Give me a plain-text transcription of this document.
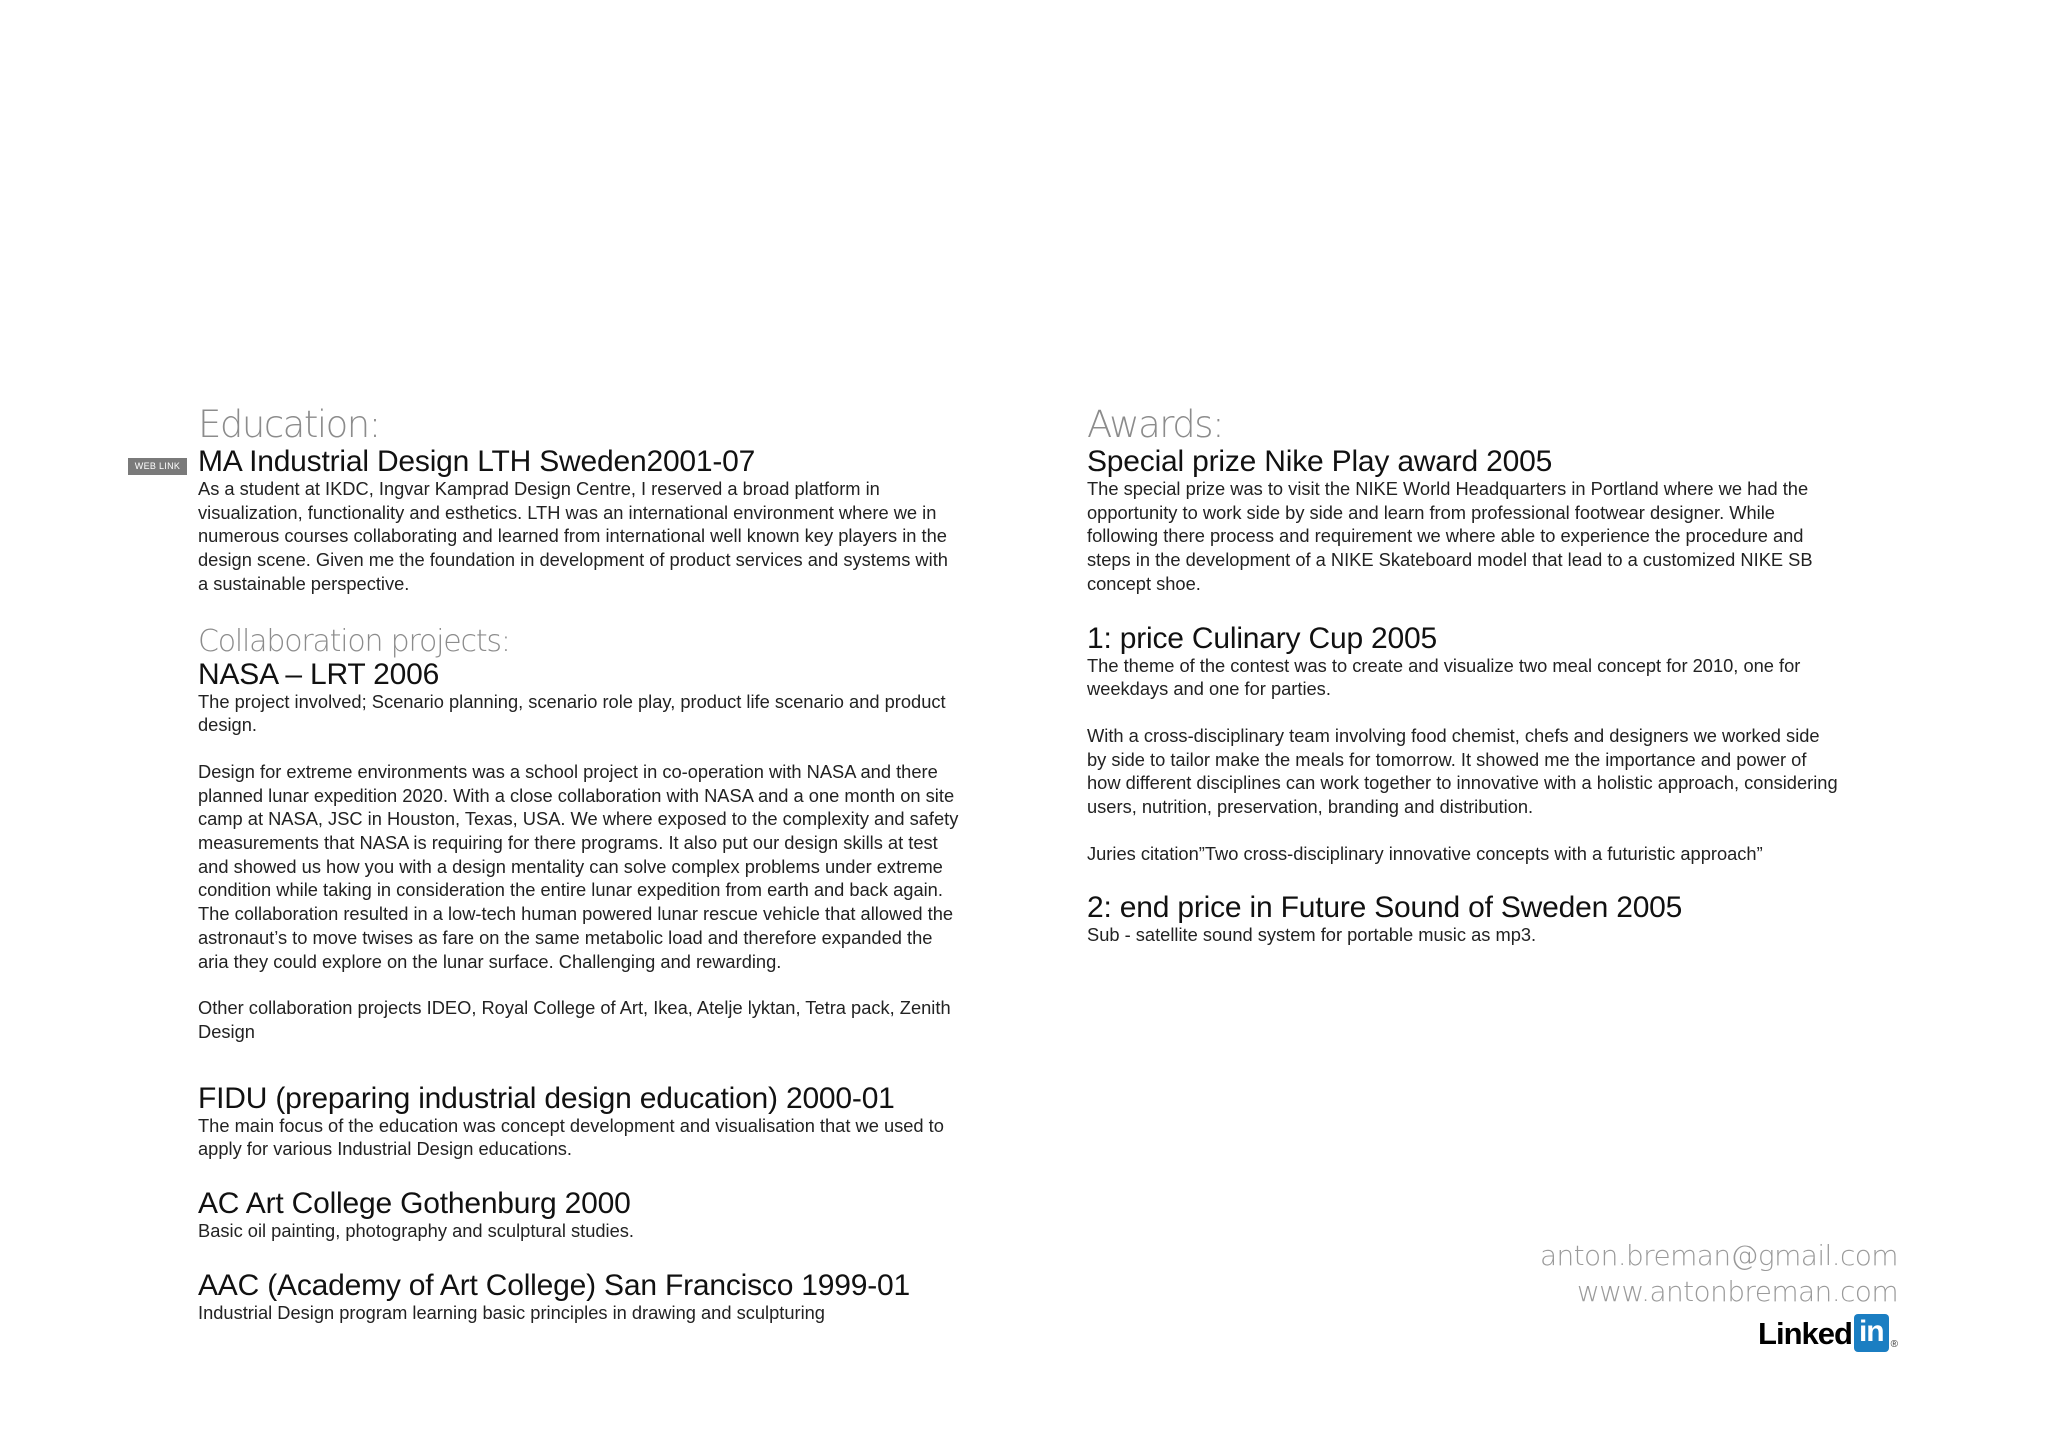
WEB LINK
Education:
MA Industrial Design LTH Sweden2001-07

As a student at IKDC, Ingvar Kamprad Design Centre, I reserved a broad platform in
visualization, functionality and esthetics. LTH was an international environment where we in
numerous courses collaborating and learned from international well known key players in the
design scene. Given me the foundation in development of product services and systems with
a sustainable perspective.

Collaboration projects:
NASA – LRT 2006

The project involved; Scenario planning, scenario role play, product life scenario and product
design.

Design for extreme environments was a school project in co-operation with NASA and there
planned lunar expedition 2020. With a close collaboration with NASA and a one month on site
camp at NASA, JSC in Houston, Texas, USA. We where exposed to the complexity and safety
measurements that NASA is requiring for there programs. It also put our design skills at test
and showed us how you with a design mentality can solve complex problems under extreme
condition while taking in consideration the entire lunar expedition from earth and back again.
The collaboration resulted in a low-tech human powered lunar rescue vehicle that allowed the
astronaut’s to move twises as fare on the same metabolic load and therefore expanded the
aria they could explore on the lunar surface. Challenging and rewarding.

Other collaboration projects IDEO, Royal College of Art, Ikea, Atelje lyktan, Tetra pack, Zenith
Design

FIDU (preparing industrial design education) 2000-01

The main focus of the education was concept development and visualisation that we used to
apply for various Industrial Design educations.

AC Art College Gothenburg 2000

Basic oil painting, photography and sculptural studies.

AAC (Academy of Art College) San Francisco 1999-01

Industrial Design program learning basic principles in drawing and sculpturing

Awards:
Special prize Nike Play award 2005

The special prize was to visit the NIKE World Headquarters in Portland where we had the
opportunity to work side by side and learn from professional footwear designer. While
following there process and requirement we where able to experience the procedure and
steps in the development of a NIKE Skateboard model that lead to a customized NIKE SB
concept shoe.

1: price Culinary Cup 2005

The theme of the contest was to create and visualize two meal concept for 2010, one for
weekdays and one for parties.

With a cross-disciplinary team involving food chemist, chefs and designers we worked side
by side to tailor make the meals for tomorrow. It showed me the importance and power of
how different disciplines can work together to innovative with a holistic approach, considering
users, nutrition, preservation, branding and distribution.

Juries citation”Two cross-disciplinary innovative concepts with a futuristic approach”

2: end price in Future Sound of Sweden 2005

Sub - satellite sound system for portable music as mp3.

anton.breman@gmail.com
www.antonbreman.com
Linked in ®
